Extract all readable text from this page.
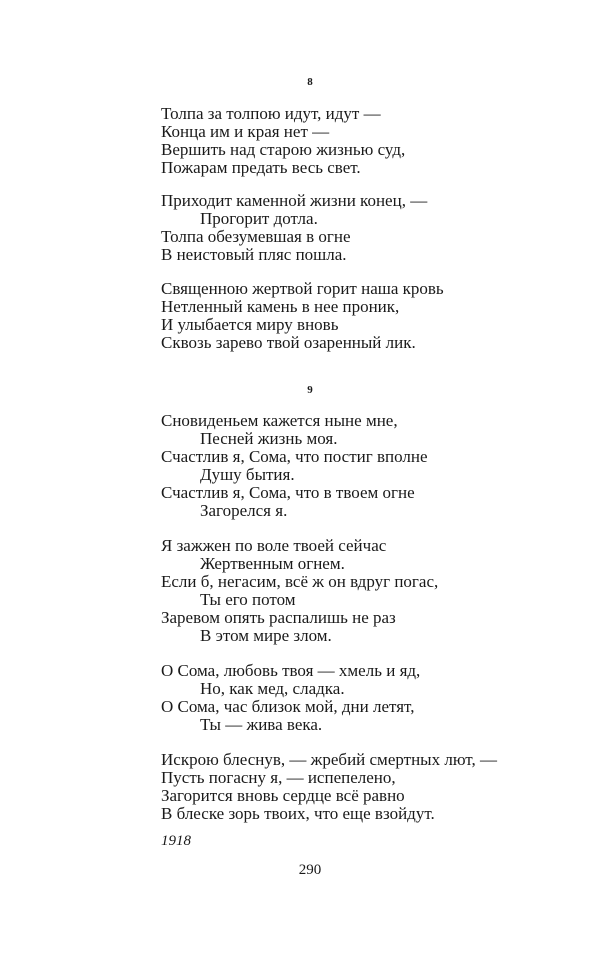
8
Толпа за толпою идут, идут —
Конца им и края нет —
Вершить над старою жизнью суд,
Пожарам предать весь свет.
Приходит каменной жизни конец, —
Прогорит дотла.
Толпа обезумевшая в огне
В неистовый пляс пошла.
Священною жертвой горит наша кровь
Нетленный камень в нее проник,
И улыбается миру вновь
Сквозь зарево твой озаренный лик.
9
Сновиденьем кажется ныне мне,
Песней жизнь моя.
Счастлив я, Сома, что постиг вполне
Душу бытия.
Счастлив я, Сома, что в твоем огне
Загорелся я.
Я зажжен по воле твоей сейчас
Жертвенным огнем.
Если б, негасим, всё ж он вдруг погас,
Ты его потом
Заревом опять распалишь не раз
В этом мире злом.
О Сома, любовь твоя — хмель и яд,
Но, как мед, сладка.
О Сома, час близок мой, дни летят,
Ты — жива века.
Искрою блеснув, — жребий смертных лют, —
Пусть погасну я, — испепелено,
Загорится вновь сердце всё равно
В блеске зорь твоих, что еще взойдут.
1918
290
